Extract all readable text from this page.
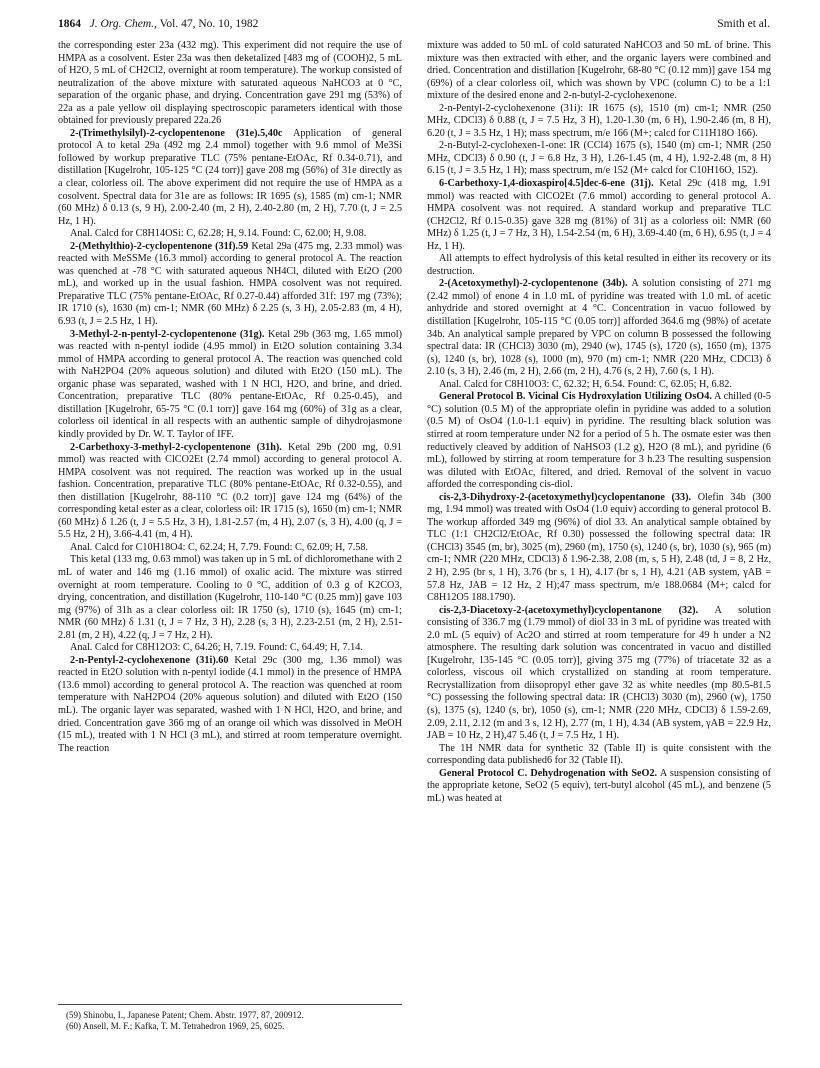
1864 J. Org. Chem., Vol. 47, No. 10, 1982	Smith et al.

the corresponding ester 23a (432 mg). This experiment did not require the use of HMPA as a cosolvent. Ester 23a was then deketalized [483 mg of (COOH)2, 5 mL of H2O, 5 mL of CH2Cl2, overnight at room temperature). The workup consisted of neutralization of the above mixture with saturated aqueous NaHCO3 at 0 °C, separation of the organic phase, and drying. Concentration gave 291 mg (53%) of 22a as a pale yellow oil displaying spectroscopic parameters identical with those obtained for previously prepared 22a.26

2-(Trimethylsilyl)-2-cyclopentenone (31e).5,40c Application of general protocol A to ketal 29a (492 mg 2.4 mmol) together with 9.6 mmol of Me3Si followed by workup preparative TLC (75% pentane-EtOAc, Rf 0.34-0.71), and distillation [Kugelrohr, 105-125 °C (24 torr)] gave 208 mg (56%) of 31e directly as a clear, colorless oil. The above experiment did not require the use of HMPA as a cosolvent. Spectral data for 31e are as follows: IR 1695 (s), 1585 (m) cm-1; NMR (60 MHz) δ 0.13 (s, 9 H), 2.00-2.40 (m, 2 H), 2.40-2.80 (m, 2 H), 7.70 (t, J = 2.5 Hz, 1 H).

Anal. Calcd for C8H14OSi: C, 62.28; H, 9.14. Found: C, 62.00; H, 9.08.

2-(Methylthio)-2-cyclopentenone (31f).59 Ketal 29a (475 mg, 2.33 mmol) was reacted with MeSSMe (16.3 mmol) according to general protocol A. The reaction was quenched at -78 °C with saturated aqueous NH4Cl, diluted with Et2O (200 mL), and worked up in the usual fashion. HMPA cosolvent was not required. Preparative TLC (75% pentane-EtOAc, Rf 0.27-0.44) afforded 31f: 197 mg (73%); IR 1710 (s), 1630 (m) cm-1; NMR (60 MHz) δ 2.25 (s, 3 H), 2.05-2.83 (m, 4 H), 6.93 (t, J = 2.5 Hz, 1 H).

3-Methyl-2-n-pentyl-2-cyclopentenone (31g). Ketal 29b (363 mg, 1.65 mmol) was reacted with n-pentyl iodide (4.95 mmol) in Et2O solution containing 3.34 mmol of HMPA according to general protocol A. The reaction was quenched cold with NaH2PO4 (20% aqueous solution) and diluted with Et2O (150 mL). The organic phase was separated, washed with 1 N HCl, H2O, and brine, and dried. Concentration, preparative TLC (80% pentane-EtOAc, Rf 0.25-0.45), and distillation [Kugelrohr, 65-75 °C (0.1 torr)] gave 164 mg (60%) of 31g as a clear, colorless oil identical in all respects with an authentic sample of dihydrojasmone kindly provided by Dr. W. T. Taylor of IFF.

2-Carbethoxy-3-methyl-2-cyclopentenone (31h). Ketal 29b (200 mg, 0.91 mmol) was reacted with ClCO2Et (2.74 mmol) according to general protocol A. HMPA cosolvent was not required. The reaction was worked up in the usual fashion. Concentration, preparative TLC (80% pentane-EtOAc, Rf 0.32-0.55), and then distillation [Kugelrohr, 88-110 °C (0.2 torr)] gave 124 mg (64%) of the corresponding ketal ester as a clear, colorless oil: IR 1715 (s), 1650 (m) cm-1; NMR (60 MHz) δ 1.26 (t, J = 5.5 Hz, 3 H), 1.81-2.57 (m, 4 H), 2.07 (s, 3 H), 4.00 (q, J = 5.5 Hz, 2 H), 3.66-4.41 (m, 4 H).

Anal. Calcd for C10H18O4: C, 62.24; H, 7.79. Found: C, 62.09; H, 7.58.

This ketal (133 mg, 0.63 mmol) was taken up in 5 mL of dichloromethane with 2 mL of water and 146 mg (1.16 mmol) of oxalic acid. The mixture was stirred overnight at room temperature. Cooling to 0 °C, addition of 0.3 g of K2CO3, drying, concentration, and distillation (Kugelrohr, 110-140 °C (0.25 mm)] gave 103 mg (97%) of 31h as a clear colorless oil: IR 1750 (s), 1710 (s), 1645 (m) cm-1; NMR (60 MHz) δ 1.31 (t, J = 7 Hz, 3 H), 2.28 (s, 3 H), 2.23-2.51 (m, 2 H), 2.51-2.81 (m, 2 H), 4.22 (q, J = 7 Hz, 2 H).

Anal. Calcd for C8H12O3: C, 64.26; H, 7.19. Found: C, 64.49; H, 7.14.

2-n-Pentyl-2-cyclohexenone (31i).60 Ketal 29c (300 mg, 1.36 mmol) was reacted in Et2O solution with n-pentyl iodide (4.1 mmol) in the presence of HMPA (13.6 mmol) according to general protocol A. The reaction was quenched at room temperature with NaH2PO4 (20% aqueous solution) and diluted with Et2O (150 mL). The organic layer was separated, washed with 1 N HCl, H2O, and brine, and dried. Concentration gave 366 mg of an orange oil which was dissolved in MeOH (15 mL), treated with 1 N HCl (3 mL), and stirred at room temperature overnight. The reaction

mixture was added to 50 mL of cold saturated NaHCO3 and 50 mL of brine. This mixture was then extracted with ether, and the organic layers were combined and dried. Concentration and distillation [Kugelrohr, 68-80 °C (0.12 mm)] gave 154 mg (69%) of a clear colorless oil, which was shown by VPC (column C) to be a 1:1 mixture of the desired enone and 2-n-butyl-2-cyclohexenone.

2-n-Pentyl-2-cyclohexenone (31i): IR 1675 (s), 1510 (m) cm-1; NMR (250 MHz, CDCl3) δ 0.88 (t, J = 7.5 Hz, 3 H), 1.20-1.30 (m, 6 H), 1.90-2.46 (m, 8 H), 6.20 (t, J = 3.5 Hz, 1 H); mass spectrum, m/e 166 (M+; calcd for C11H18O 166).

2-n-Butyl-2-cyclohexen-1-one: IR (CCl4) 1675 (s), 1540 (m) cm-1; NMR (250 MHz, CDCl3) δ 0.90 (t, J = 6.8 Hz, 3 H), 1.26-1.45 (m, 4 H), 1.92-2.48 (m, 8 H) 6.15 (t, J = 3.5 Hz, 1 H); mass spectrum, m/e 152 (M+ calcd for C10H16O, 152).

6-Carbethoxy-1,4-dioxaspiro[4.5]dec-6-ene (31j). Ketal 29c (418 mg, 1.91 mmol) was reacted with ClCO2Et (7.6 mmol) according to general protocol A. HMPA cosolvent was not required. A standard workup and preparative TLC (CH2Cl2, Rf 0.15-0.35) gave 328 mg (81%) of 31j as a colorless oil: NMR (60 MHz) δ 1.25 (t, J = 7 Hz, 3 H), 1.54-2.54 (m, 6 H), 3.69-4.40 (m, 6 H), 6.95 (t, J = 4 Hz, 1 H).

All attempts to effect hydrolysis of this ketal resulted in either its recovery or its destruction.

2-(Acetoxymethyl)-2-cyclopentenone (34b). A solution consisting of 271 mg (2.42 mmol) of enone 4 in 1.0 mL of pyridine was treated with 1.0 mL of acetic anhydride and stored overnight at 4 °C. Concentration in vacuo followed by distillation [Kugelrohr, 105-115 °C (0.05 torr)] afforded 364.6 mg (98%) of acetate 34b. An analytical sample prepared by VPC on column B possessed the following spectral data: IR (CHCl3) 3030 (m), 2940 (w), 1745 (s), 1720 (s), 1650 (m), 1375 (s), 1240 (s, br), 1028 (s), 1000 (m), 970 (m) cm-1; NMR (220 MHz, CDCl3) δ 2.10 (s, 3 H), 2.46 (m, 2 H), 2.66 (m, 2 H), 4.76 (s, 2 H), 7.60 (s, 1 H).

Anal. Calcd for C8H10O3: C, 62.32; H, 6.54. Found: C, 62.05; H, 6.82.

General Protocol B. Vicinal Cis Hydroxylation Utilizing OsO4. A chilled (0-5 °C) solution (0.5 M) of the appropriate olefin in pyridine was added to a solution (0.5 M) of OsO4 (1.0-1.1 equiv) in pyridine. The resulting black solution was stirred at room temperature under N2 for a period of 5 h. The osmate ester was then reductively cleaved by addition of NaHSO3 (1.2 g), H2O (8 mL), and pyridine (6 mL), followed by stirring at room temperature for 3 h.23 The resulting suspension was diluted with EtOAc, filtered, and dried. Removal of the solvent in vacuo afforded the corresponding cis-diol.

cis-2,3-Dihydroxy-2-(acetoxymethyl)cyclopentanone (33). Olefin 34b (300 mg, 1.94 mmol) was treated with OsO4 (1.0 equiv) according to general protocol B. The workup afforded 349 mg (96%) of diol 33. An analytical sample obtained by TLC (1:1 CH2Cl2/EtOAc, Rf 0.30) possessed the following spectral data: IR (CHCl3) 3545 (m, br), 3025 (m), 2960 (m), 1750 (s), 1240 (s, br), 1030 (s), 965 (m) cm-1; NMR (220 MHz, CDCl3) δ 1.96-2.38, 2.08 (m, s, 5 H), 2.48 (td, J = 8, 2 Hz, 2 H), 2.95 (br s, 1 H), 3.76 (br s, 1 H), 4.17 (br s, 1 H), 4.21 (AB system, γAB = 57.8 Hz, JAB = 12 Hz, 2 H);47 mass spectrum, m/e 188.0684 (M+; calcd for C8H12O5 188.1790).

cis-2,3-Diacetoxy-2-(acetoxymethyl)cyclopentanone (32). A solution consisting of 336.7 mg (1.79 mmol) of diol 33 in 3 mL of pyridine was treated with 2.0 mL (5 equiv) of Ac2O and stirred at room temperature for 49 h under a N2 atmosphere. The resulting dark solution was concentrated in vacuo and distilled [Kugelrohr, 135-145 °C (0.05 torr)], giving 375 mg (77%) of triacetate 32 as a colorless, viscous oil which crystallized on standing at room temperature. Recrystallization from diisopropyl ether gave 32 as white needles (mp 80.5-81.5 °C) possessing the following spectral data: IR (CHCl3) 3030 (m), 2960 (w), 1750 (s), 1375 (s), 1240 (s, br), 1050 (s), cm-1; NMR (220 MHz, CDCl3) δ 1.59-2.69, 2.09, 2.11, 2.12 (m and 3 s, 12 H), 2.77 (m, 1 H), 4.34 (AB system, γAB = 22.9 Hz, JAB = 10 Hz, 2 H),47 5.46 (t, J = 7.5 Hz, 1 H).

The 1H NMR data for synthetic 32 (Table II) is quite consistent with the corresponding data published6 for 32 (Table II).

General Protocol C. Dehydrogenation with SeO2. A suspension consisting of the appropriate ketone, SeO2 (5 equiv), tert-butyl alcohol (45 mL), and benzene (5 mL) was heated at

(59) Shinobu, I., Japanese Patent; Chem. Abstr. 1977, 87, 200912.
(60) Ansell, M. F.; Kafka, T. M. Tetrahedron 1969, 25, 6025.
